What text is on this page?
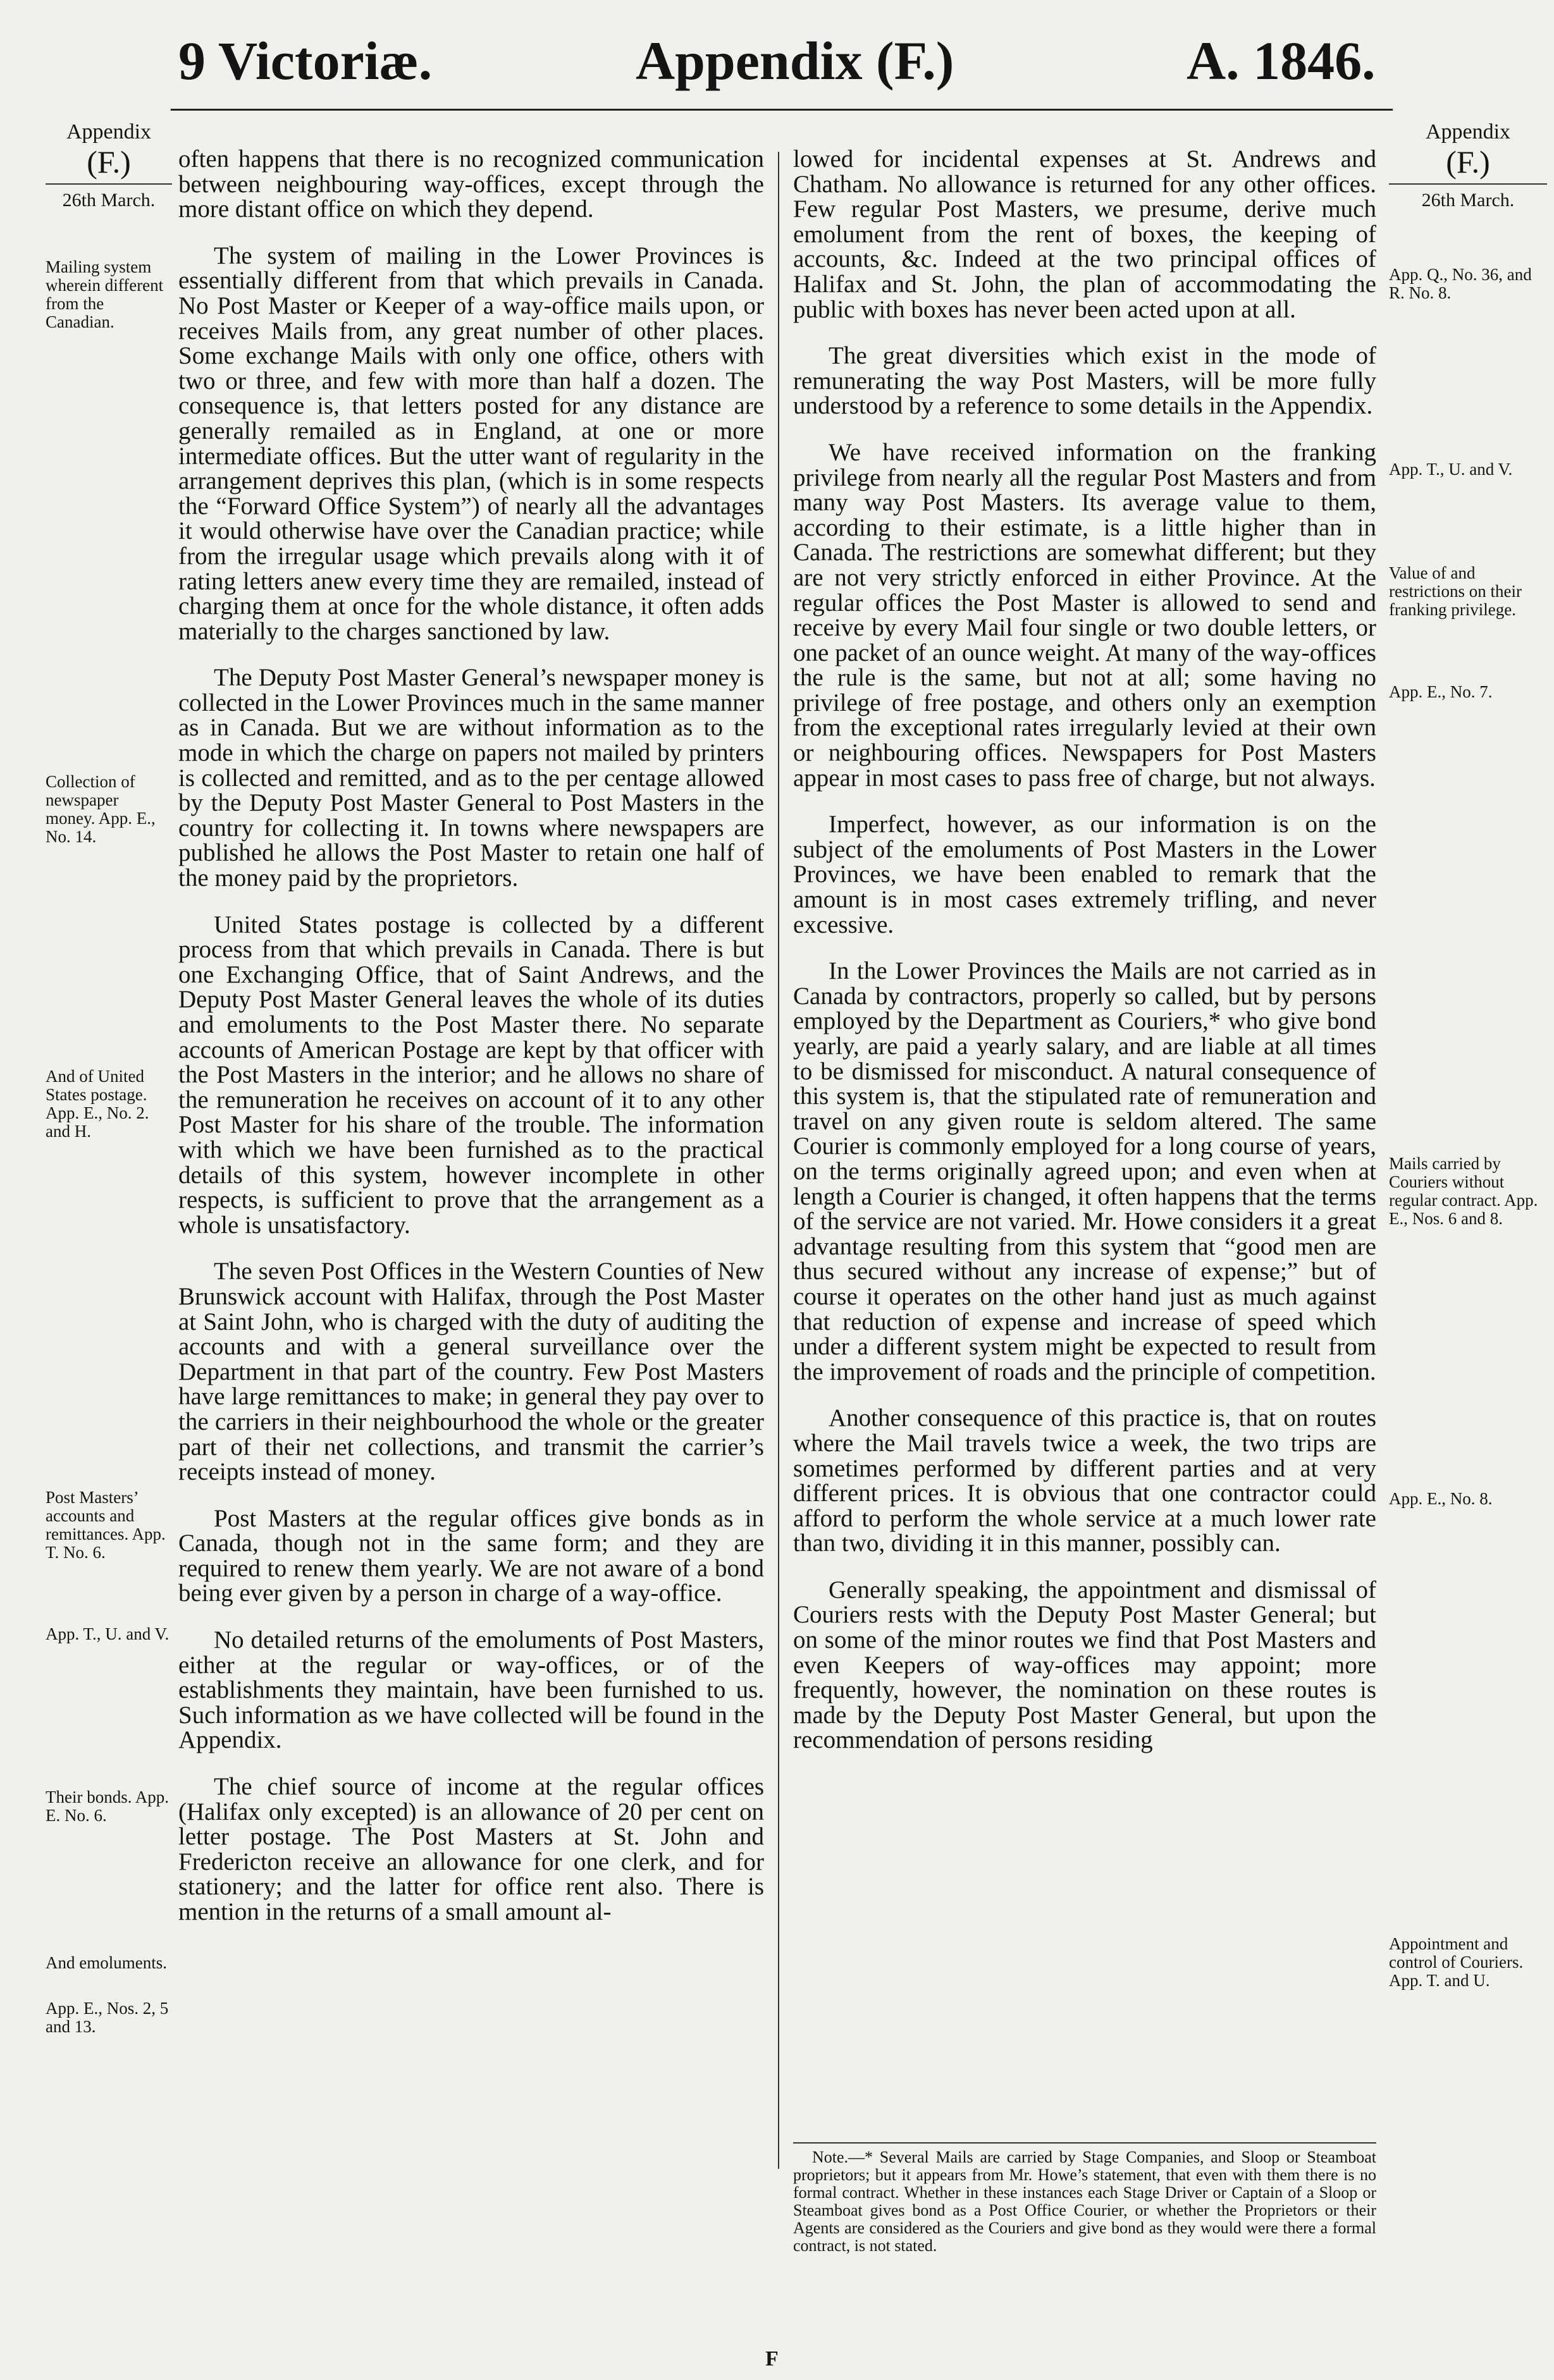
9 Victoriæ.	Appendix (F.)	A. 1846.
Appendix
(F.)
26th March.
Appendix
(F.)
26th March.

often happens that there is no recognized communication between neighbouring way-offices, except through the more distant office on which they depend.

The system of mailing in the Lower Provinces is essentially different from that which prevails in Canada. No Post Master or Keeper of a way-office mails upon, or receives Mails from, any great number of other places. Some exchange Mails with only one office, others with two or three, and few with more than half a dozen. The consequence is, that letters posted for any distance are generally remailed as in England, at one or more intermediate offices. But the utter want of regularity in the arrangement deprives this plan, (which is in some respects the “Forward Office System”) of nearly all the advantages it would otherwise have over the Canadian practice; while from the irregular usage which prevails along with it of rating letters anew every time they are remailed, instead of charging them at once for the whole distance, it often adds materially to the charges sanctioned by law.

The Deputy Post Master General’s newspaper money is collected in the Lower Provinces much in the same manner as in Canada. But we are without information as to the mode in which the charge on papers not mailed by printers is collected and remitted, and as to the per centage allowed by the Deputy Post Master General to Post Masters in the country for collecting it. In towns where newspapers are published he allows the Post Master to retain one half of the money paid by the proprietors.

United States postage is collected by a different process from that which prevails in Canada. There is but one Exchanging Office, that of Saint Andrews, and the Deputy Post Master General leaves the whole of its duties and emoluments to the Post Master there. No separate accounts of American Postage are kept by that officer with the Post Masters in the interior; and he allows no share of the remuneration he receives on account of it to any other Post Master for his share of the trouble. The information with which we have been furnished as to the practical details of this system, however incomplete in other respects, is sufficient to prove that the arrangement as a whole is unsatisfactory.

The seven Post Offices in the Western Counties of New Brunswick account with Halifax, through the Post Master at Saint John, who is charged with the duty of auditing the accounts and with a general surveillance over the Department in that part of the country. Few Post Masters have large remittances to make; in general they pay over to the carriers in their neighbourhood the whole or the greater part of their net collections, and transmit the carrier’s receipts instead of money.

Post Masters at the regular offices give bonds as in Canada, though not in the same form; and they are required to renew them yearly. We are not aware of a bond being ever given by a person in charge of a way-office.

No detailed returns of the emoluments of Post Masters, either at the regular or way-offices, or of the establishments they maintain, have been furnished to us. Such information as we have collected will be found in the Appendix.

The chief source of income at the regular offices (Halifax only excepted) is an allowance of 20 per cent on letter postage. The Post Masters at St. John and Fredericton receive an allowance for one clerk, and for stationery; and the latter for office rent also. There is mention in the returns of a small amount al-

lowed for incidental expenses at St. Andrews and Chatham. No allowance is returned for any other offices. Few regular Post Masters, we presume, derive much emolument from the rent of boxes, the keeping of accounts, &c. Indeed at the two principal offices of Halifax and St. John, the plan of accommodating the public with boxes has never been acted upon at all.

The great diversities which exist in the mode of remunerating the way Post Masters, will be more fully understood by a reference to some details in the Appendix.

We have received information on the franking privilege from nearly all the regular Post Masters and from many way Post Masters. Its average value to them, according to their estimate, is a little higher than in Canada. The restrictions are somewhat different; but they are not very strictly enforced in either Province. At the regular offices the Post Master is allowed to send and receive by every Mail four single or two double letters, or one packet of an ounce weight. At many of the way-offices the rule is the same, but not at all; some having no privilege of free postage, and others only an exemption from the exceptional rates irregularly levied at their own or neighbouring offices. Newspapers for Post Masters appear in most cases to pass free of charge, but not always.

Imperfect, however, as our information is on the subject of the emoluments of Post Masters in the Lower Provinces, we have been enabled to remark that the amount is in most cases extremely trifling, and never excessive.

In the Lower Provinces the Mails are not carried as in Canada by contractors, properly so called, but by persons employed by the Department as Couriers,* who give bond yearly, are paid a yearly salary, and are liable at all times to be dismissed for misconduct. A natural consequence of this system is, that the stipulated rate of remuneration and travel on any given route is seldom altered. The same Courier is commonly employed for a long course of years, on the terms originally agreed upon; and even when at length a Courier is changed, it often happens that the terms of the service are not varied. Mr. Howe considers it a great advantage resulting from this system that “good men are thus secured without any increase of expense;” but of course it operates on the other hand just as much against that reduction of expense and increase of speed which under a different system might be expected to result from the improvement of roads and the principle of competition.

Another consequence of this practice is, that on routes where the Mail travels twice a week, the two trips are sometimes performed by different parties and at very different prices. It is obvious that one contractor could afford to perform the whole service at a much lower rate than two, dividing it in this manner, possibly can.

Generally speaking, the appointment and dismissal of Couriers rests with the Deputy Post Master General; but on some of the minor routes we find that Post Masters and even Keepers of way-offices may appoint; more frequently, however, the nomination on these routes is made by the Deputy Post Master General, but upon the recommendation of persons residing

Note.—* Several Mails are carried by Stage Companies, and Sloop or Steamboat proprietors; but it appears from Mr. Howe’s statement, that even with them there is no formal contract. Whether in these instances each Stage Driver or Captain of a Sloop or Steamboat gives bond as a Post Office Courier, or whether the Proprietors or their Agents are considered as the Couriers and give bond as they would were there a formal contract, is not stated.

Mailing system wherein different from the Canadian.
Collection of newspaper money. App. E., No. 14.
And of United States postage. App. E., No. 2. and H.
Post Masters’ accounts and remittances. App. T. No. 6.
App. T., U. and V.
Their bonds. App. E. No. 6.
And emoluments.
App. E., Nos. 2, 5 and 13.
App. Q., No. 36, and R. No. 8.
App. T., U. and V.
Value of and restrictions on their franking privilege.
App. E., No. 7.
Mails carried by Couriers without regular contract. App. E., Nos. 6 and 8.
App. E., No. 8.
Appointment and control of Couriers. App. T. and U.
F
